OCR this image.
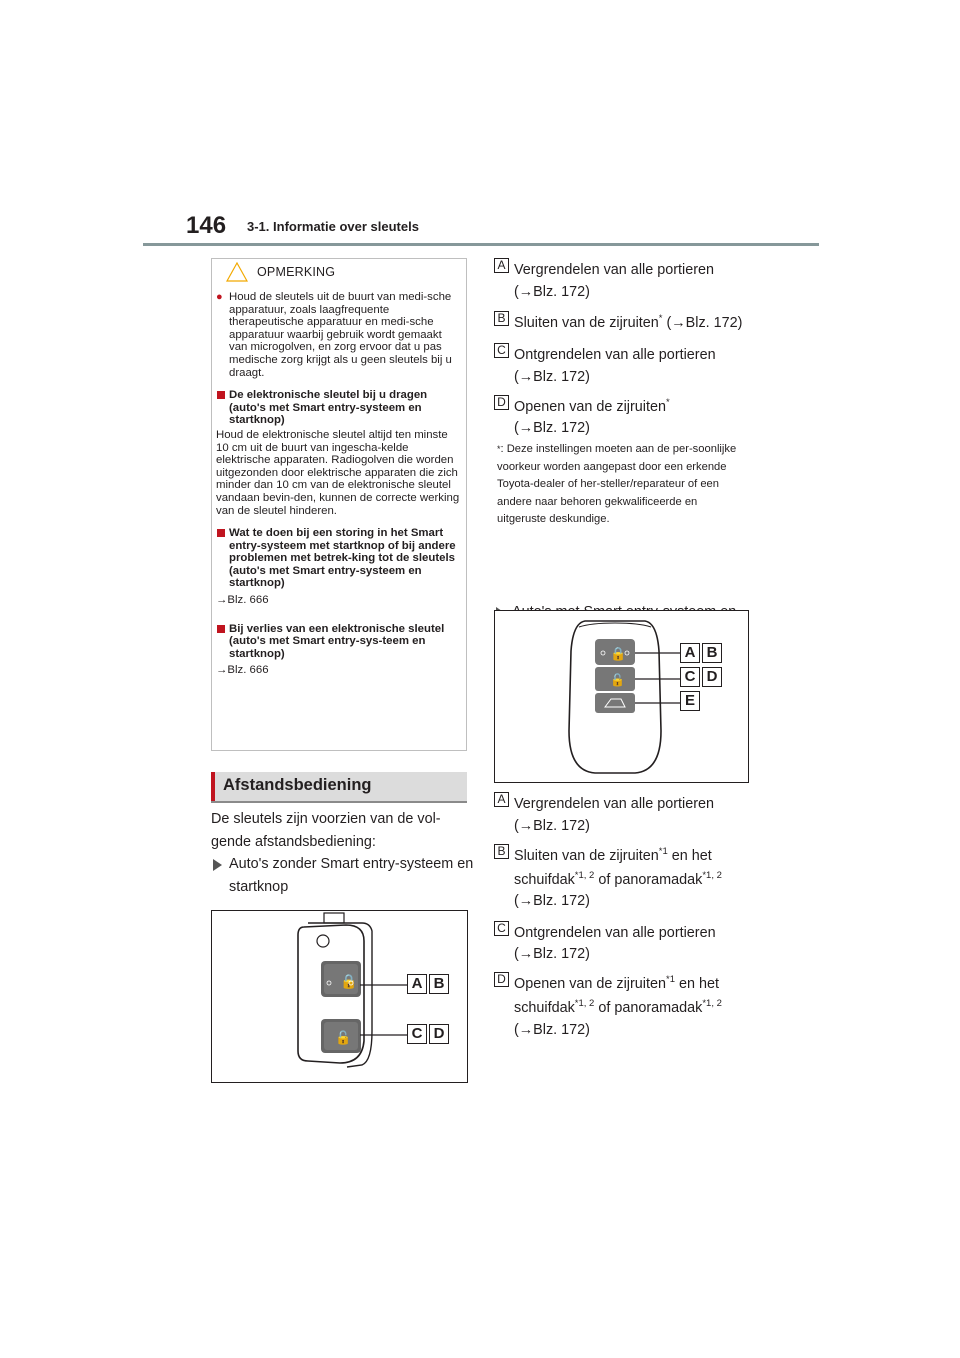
146 3-1. Informatie over sleutels
OPMERKING

● Houd de sleutels uit de buurt van medi-sche apparatuur, zoals laagfrequente therapeutische apparatuur en medi-sche apparatuur waarbij gebruik wordt gemaakt van microgolven, en zorg ervoor dat u pas medische zorg krijgt als u geen sleutels bij u draagt.

De elektronische sleutel bij u dragen (auto's met Smart entry-systeem en startknop)

Houd de elektronische sleutel altijd ten minste 10 cm uit de buurt van ingescha-kelde elektrische apparaten. Radiogolven die worden uitgezonden door elektrische apparaten die zich minder dan 10 cm van de elektronische sleutel vandaan bevin-den, kunnen de correcte werking van de sleutel hinderen.

Wat te doen bij een storing in het Smart entry-systeem met startknop of bij andere problemen met betrek-king tot de sleutels (auto's met Smart entry-systeem en startknop)

→Blz. 666

Bij verlies van een elektronische sleutel (auto's met Smart entry-sys-teem en startknop)

→Blz. 666

Afstandsbediening
De sleutels zijn voorzien van de vol-gende afstandsbediening:
Auto's zonder Smart entry-systeem en startknop
🔒
🔓
A B
C D
A Vergrendelen van alle portieren
(→Blz. 172)
B Sluiten van de zijruiten* (→Blz. 172)
C Ontgrendelen van alle portieren
(→Blz. 172)
D Openen van de zijruiten*
(→Blz. 172)
*: Deze instellingen moeten aan de per-soonlijke voorkeur worden aangepast door een erkende Toyota-dealer of her-steller/reparateur of een andere naar behoren gekwalificeerde en uitgeruste deskundige.
🔒
🔓
A B
C D
E
A Vergrendelen van alle portieren
(→Blz. 172)
B Sluiten van de zijruiten$^{*1}$ en het
schuifdak$^{*1, 2}$ of panoramadak$^{*1, 2}$
(→Blz. 172)
C Ontgrendelen van alle portieren
(→Blz. 172)
D Openen van de zijruiten$^{*1}$ en het
schuifdak$^{*1, 2}$ of panoramadak$^{*1, 2}$
(→Blz. 172)
